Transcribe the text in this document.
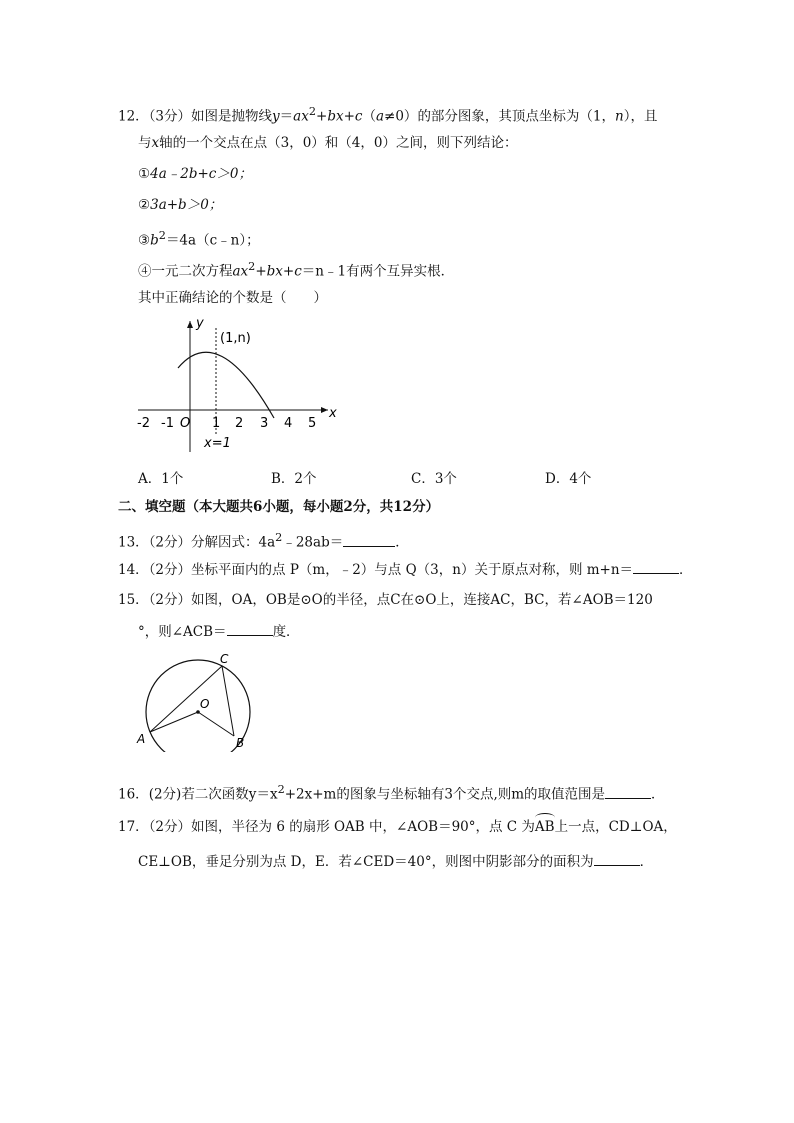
12．（3分）如图是抛物线$y=ax^2+bx+c(a\ne 0)$的部分图象，其顶点坐标为（1，n），且
与x轴的一个交点在点（3，0）和（4，0）之间，则下列结论：
①4a﹣2b+c＞0；
②3a+b＞0；
$③b^2=4a(c﹣n)$；
④一元二次方程$ax^2+bx+c=n﹣1$有两个互异实根．
其中正确结论的个数是（　　）
y
x
(1,n)
O
-2 -1	1 2 3 4 5
x=1
A．1个	B．2个	C．3个	D．4个
二、填空题（本大题共6小题，每小题2分，共12分）
13．（2分）分解因式：$4a^2﹣28ab=$	．
14．（2分）坐标平面内的点 P（m，﹣2）与点 Q（3，n）关于原点对称，则 m+n＝	．
15．（2分）如图，OA，OB是⊙O的半径，点C在⊙O上，连接AC，BC，若∠AOB＝120
°，则∠ACB＝	度．
C
O
A	B
16．(2分)若二次函数$y=x^2+2x+m$的图象与坐标轴有3个交点,则m的取值范围是	．
17．（2分）如图，半径为 6 的扇形 OAB 中，∠AOB＝90°，点 C 为AB上一点，CD⊥OA，
CE⊥OB，垂足分别为点 D，E．若∠CED＝40°，则图中阴影部分的面积为	．
